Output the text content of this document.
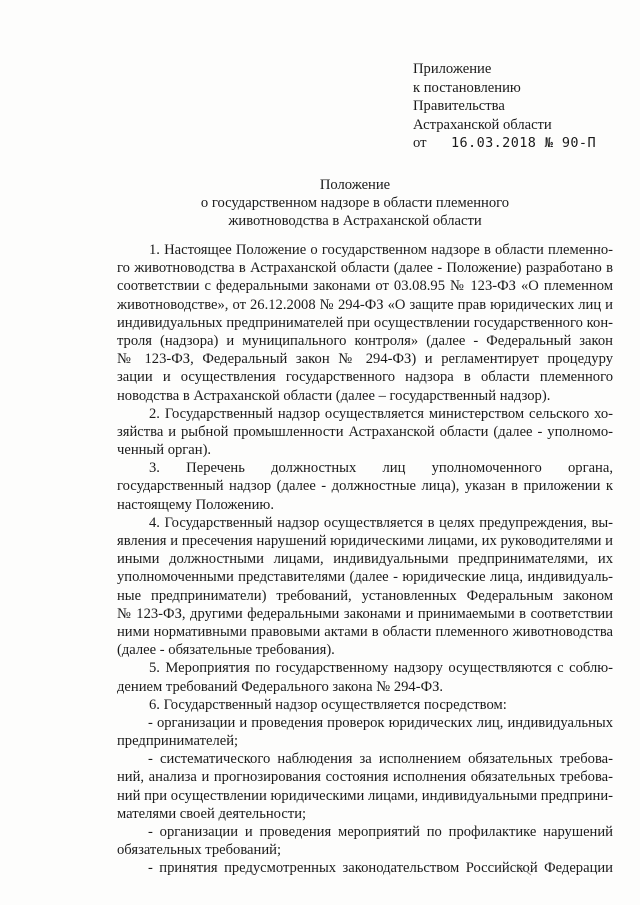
Приложение
к постановлению
Правительства
Астраханской области
от	16.03.2018 № 90-П
Положение
о государственном надзоре в области племенного
животноводства в Астраханской области
1. Настоящее Положение о государственном надзоре в области племенно-
го животноводства в Астраханской области (далее - Положение) разработано в
соответствии с федеральными законами от 03.08.95 № 123-ФЗ «О племенном
животноводстве», от 26.12.2008 № 294-ФЗ «О защите прав юридических лиц и
индивидуальных предпринимателей при осуществлении государственного кон-
троля (надзора) и муниципального контроля» (далее - Федеральный закон
№ 123-ФЗ, Федеральный закон № 294-ФЗ) и регламентирует процедуру
зации и осуществления государственного надзора в области племенного
новодства в Астраханской области (далее – государственный надзор).
2. Государственный надзор осуществляется министерством сельского хо-
зяйства и рыбной промышленности Астраханской области (далее - уполномо-
ченный орган).
3. Перечень должностных лиц уполномоченного органа,
государственный надзор (далее - должностные лица), указан в приложении к
настоящему Положению.
4. Государственный надзор осуществляется в целях предупреждения, вы-
явления и пресечения нарушений юридическими лицами, их руководителями и
иными должностными лицами, индивидуальными предпринимателями, их
уполномоченными представителями (далее - юридические лица, индивидуаль-
ные предприниматели) требований, установленных Федеральным законом
№ 123-ФЗ, другими федеральными законами и принимаемыми в соответствии
ними нормативными правовыми актами в области племенного животноводства
(далее - обязательные требования).
5. Мероприятия по государственному надзору осуществляются с соблю-
дением требований Федерального закона № 294-ФЗ.
6. Государственный надзор осуществляется посредством:
- организации и проведения проверок юридических лиц, индивидуальных
предпринимателей;
- систематического наблюдения за исполнением обязательных требова-
ний, анализа и прогнозирования состояния исполнения обязательных требова-
ний при осуществлении юридическими лицами, индивидуальными предприни-
мателями своей деятельности;
- организации и проведения мероприятий по профилактике нарушений
обязательных требований;
- принятия предусмотренных законодательством Российской Федерации
